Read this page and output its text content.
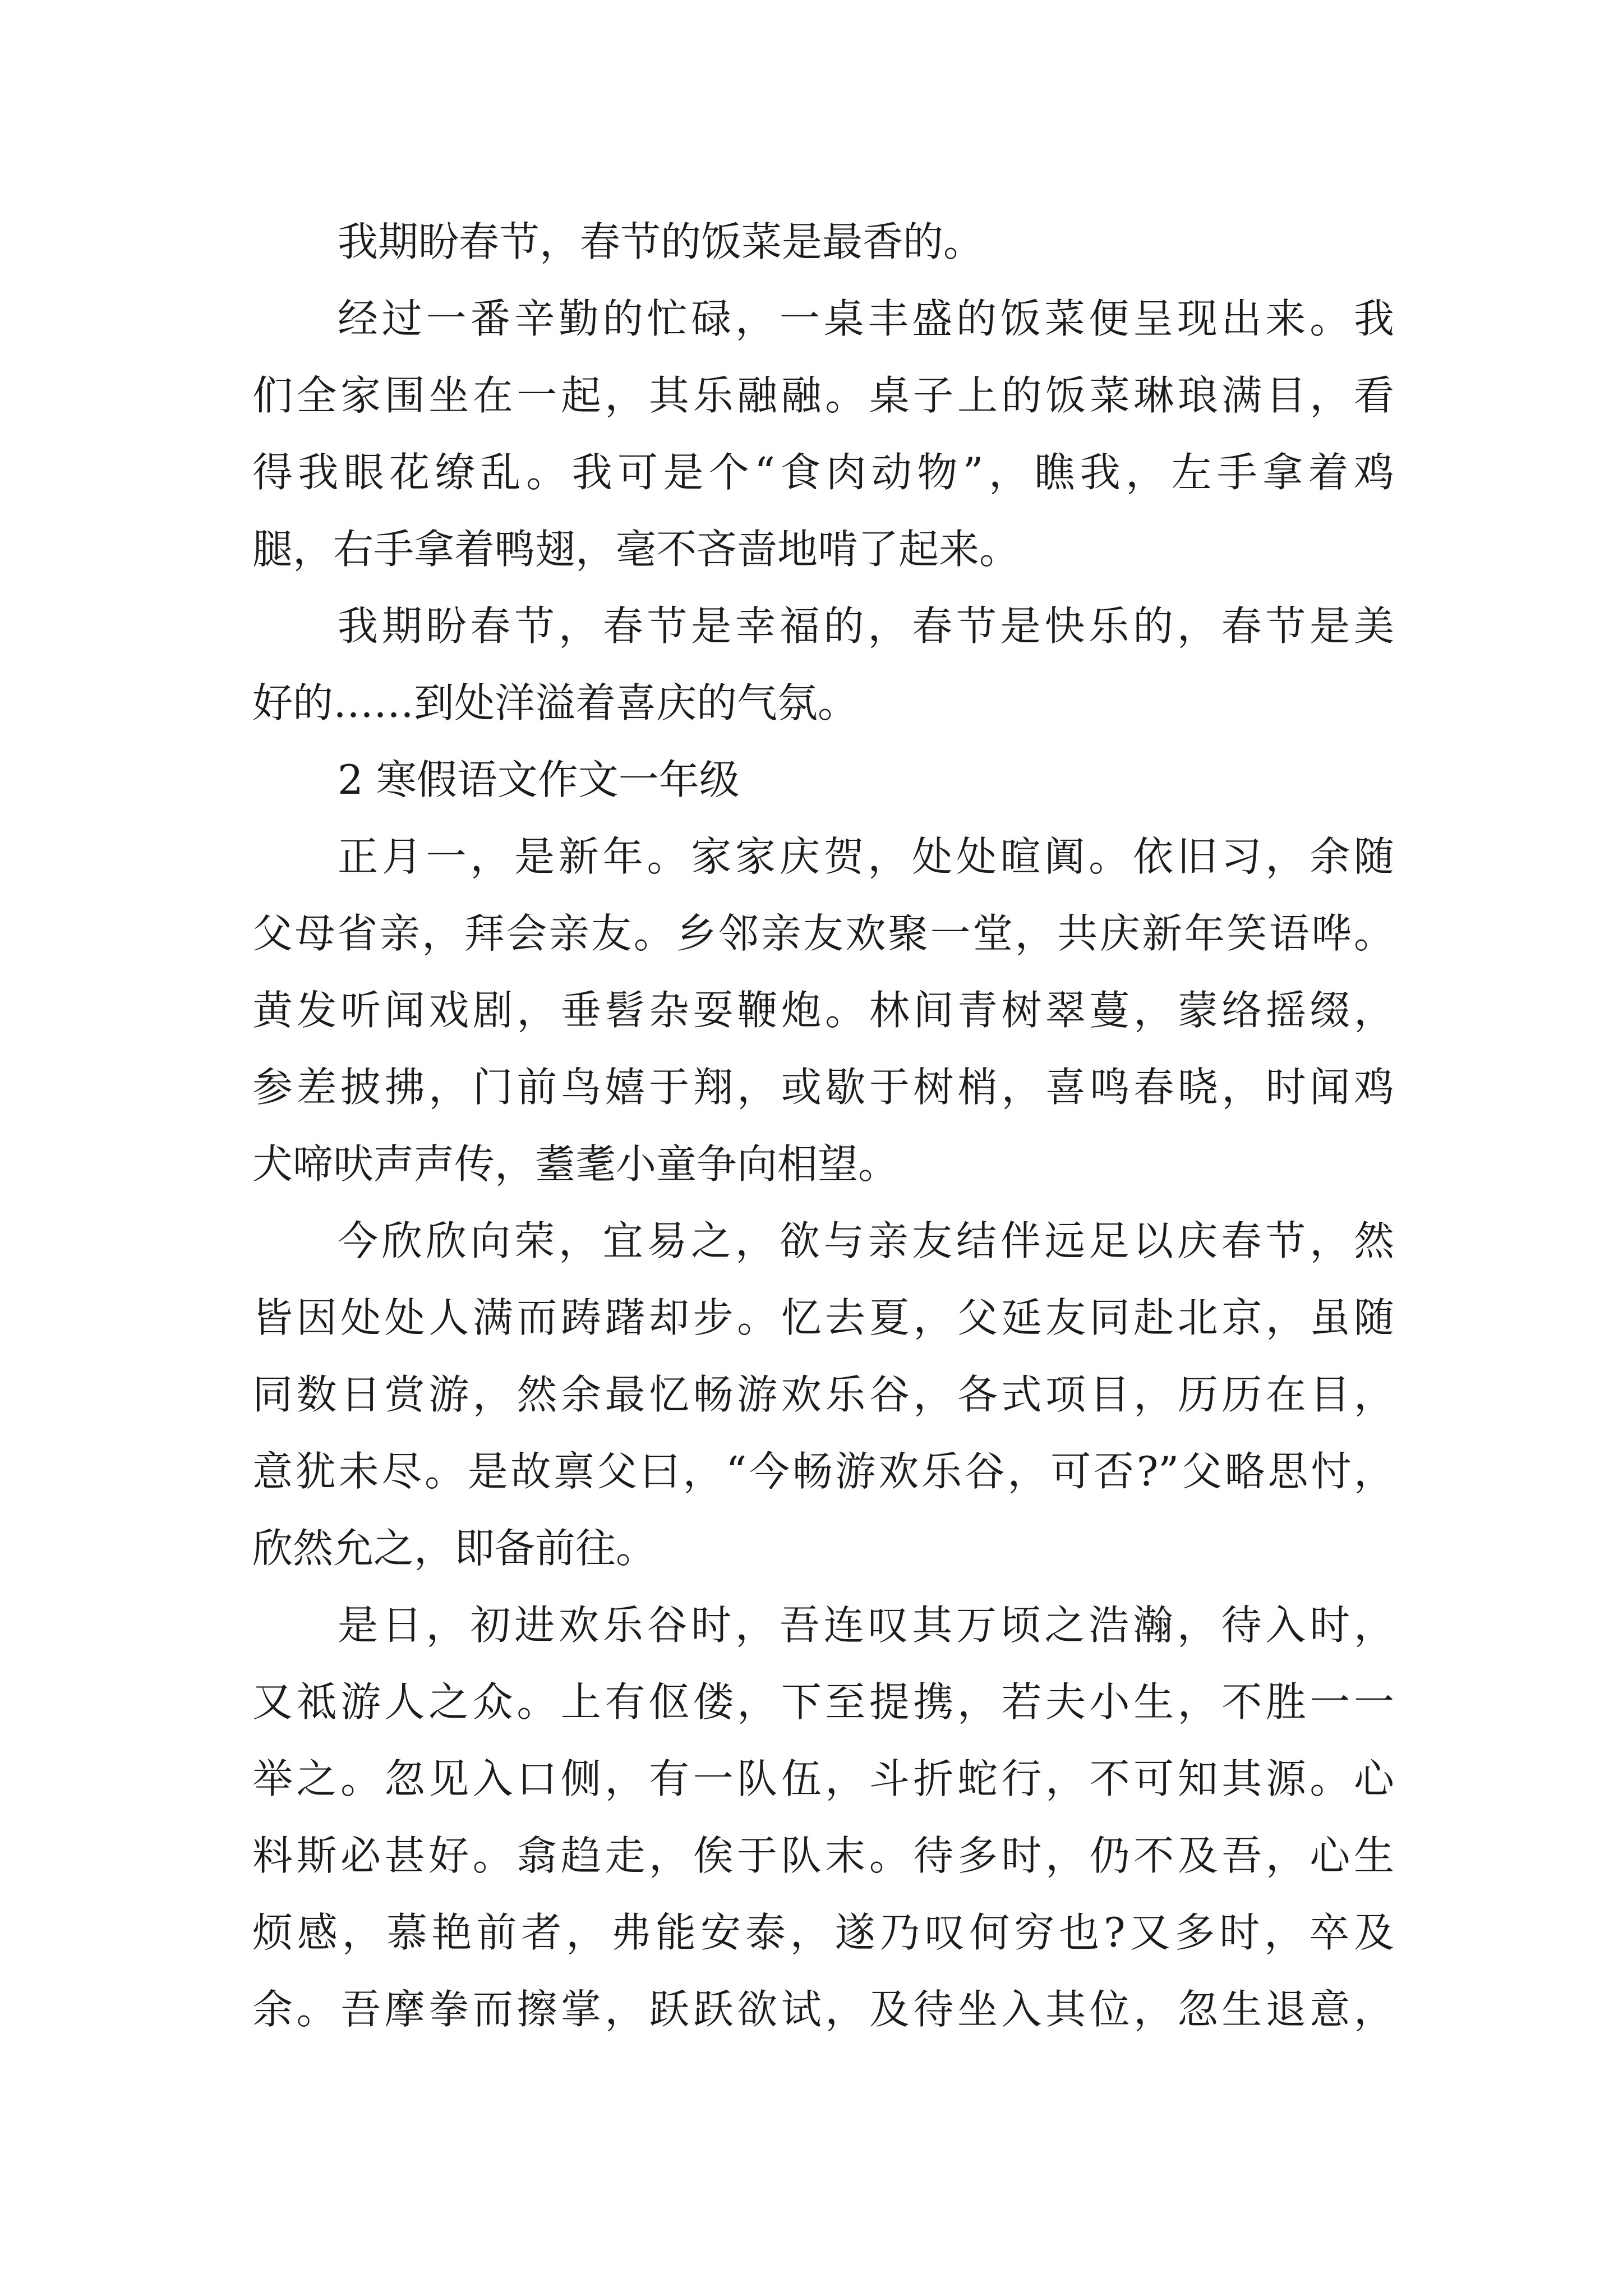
我期盼春节，春节的饭菜是最香的。
经过一番辛勤的忙碌，一桌丰盛的饭菜便呈现出来。我
们全家围坐在一起，其乐融融。桌子上的饭菜琳琅满目，看
得我眼花缭乱。我可是个“食肉动物”，瞧我，左手拿着鸡
腿，右手拿着鸭翅，毫不吝啬地啃了起来。
我期盼春节，春节是幸福的，春节是快乐的，春节是美
好的……到处洋溢着喜庆的气氛。
2 寒假语文作文一年级
正月一，是新年。家家庆贺，处处暄阗。依旧习，余随
父母省亲，拜会亲友。乡邻亲友欢聚一堂，共庆新年笑语哗。
黄发听闻戏剧，垂髫杂耍鞭炮。林间青树翠蔓，蒙络摇缀，
参差披拂，门前鸟嬉于翔，或歇于树梢，喜鸣春晓，时闻鸡
犬啼吠声声传，耋耄小童争向相望。
今欣欣向荣，宜易之，欲与亲友结伴远足以庆春节，然
皆因处处人满而踌躇却步。忆去夏，父延友同赴北京，虽随
同数日赏游，然余最忆畅游欢乐谷，各式项目，历历在目，
意犹未尽。是故禀父曰，“今畅游欢乐谷，可否?”父略思忖，
欣然允之，即备前往。
是日，初进欢乐谷时，吾连叹其万顷之浩瀚，待入时，
又祗游人之众。上有伛偻，下至提携，若夫小生，不胜一一
举之。忽见入口侧，有一队伍，斗折蛇行，不可知其源。心
料斯必甚好。翕趋走，俟于队末。待多时，仍不及吾，心生
烦感，慕艳前者，弗能安泰，遂乃叹何穷也?又多时，卒及
余。吾摩拳而擦掌，跃跃欲试，及待坐入其位，忽生退意，
